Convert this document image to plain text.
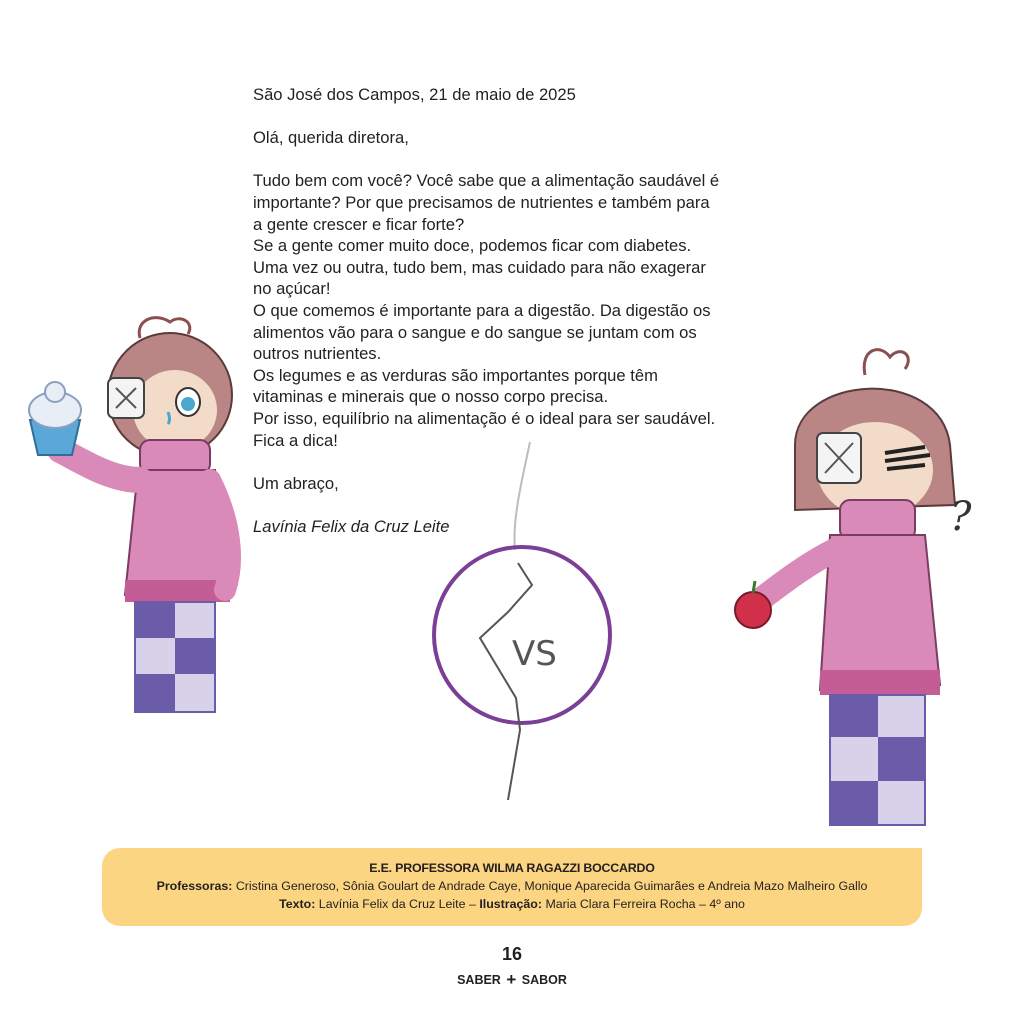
VS
?

São José dos Campos, 21 de maio de 2025

Olá, querida diretora,

Tudo bem com você? Você sabe que a alimentação saudável é

importante? Por que precisamos de nutrientes e também para

a gente crescer e ficar forte?

Se a gente comer muito doce, podemos ficar com diabetes.

Uma vez ou outra, tudo bem, mas cuidado para não exagerar

no açúcar!

O que comemos é importante para a digestão. Da digestão os

alimentos vão para o sangue e do sangue se juntam com os

outros nutrientes.

Os legumes e as verduras são importantes porque têm

vitaminas e minerais que o nosso corpo precisa.

Por isso, equilíbrio na alimentação é o ideal para ser saudável.

Fica a dica!

Um abraço,

Lavínia Felix da Cruz Leite

E.E. PROFESSORA WILMA RAGAZZI BOCCARDO
Professoras: Cristina Generoso, Sônia Goulart de Andrade Caye, Monique Aparecida Guimarães e Andreia Mazo Malheiro Gallo
Texto: Lavínia Felix da Cruz Leite – Ilustração: Maria Clara Ferreira Rocha – 4º ano
16
SABER + SABOR
